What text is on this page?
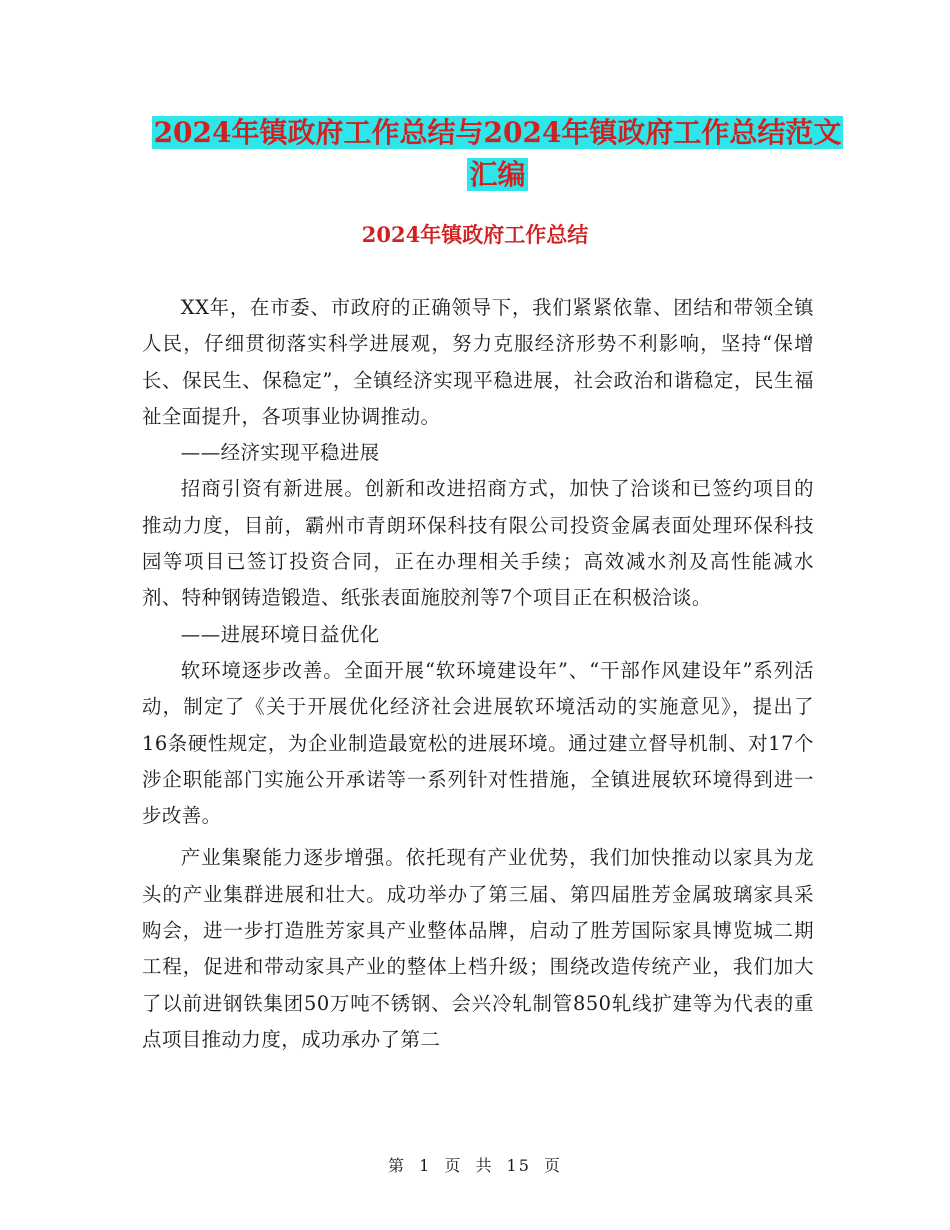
2024年镇政府工作总结与2024年镇政府工作总结范文
汇编
2024年镇政府工作总结

XX年，在市委、市政府的正确领导下，我们紧紧依靠、团结和带领全镇人民，仔细贯彻落实科学进展观，努力克服经济形势不利影响，坚持“保增长、保民生、保稳定”，全镇经济实现平稳进展，社会政治和谐稳定，民生福祉全面提升，各项事业协调推动。

——经济实现平稳进展

招商引资有新进展。创新和改进招商方式，加快了洽谈和已签约项目的推动力度，目前，霸州市青朗环保科技有限公司投资金属表面处理环保科技园等项目已签订投资合同，正在办理相关手续；高效减水剂及高性能减水剂、特种钢铸造锻造、纸张表面施胶剂等7个项目正在积极洽谈。

——进展环境日益优化

软环境逐步改善。全面开展“软环境建设年”、“干部作风建设年”系列活动，制定了《关于开展优化经济社会进展软环境活动的实施意见》，提出了16条硬性规定，为企业制造最宽松的进展环境。通过建立督导机制、对17个涉企职能部门实施公开承诺等一系列针对性措施，全镇进展软环境得到进一步改善。

产业集聚能力逐步增强。依托现有产业优势，我们加快推动以家具为龙头的产业集群进展和壮大。成功举办了第三届、第四届胜芳金属玻璃家具采购会，进一步打造胜芳家具产业整体品牌，启动了胜芳国际家具博览城二期工程，促进和带动家具产业的整体上档升级；围绕改造传统产业，我们加大了以前进钢铁集团50万吨不锈钢、会兴冷轧制管850轧线扩建等为代表的重点项目推动力度，成功承办了第二

第 1 页 共 15 页
